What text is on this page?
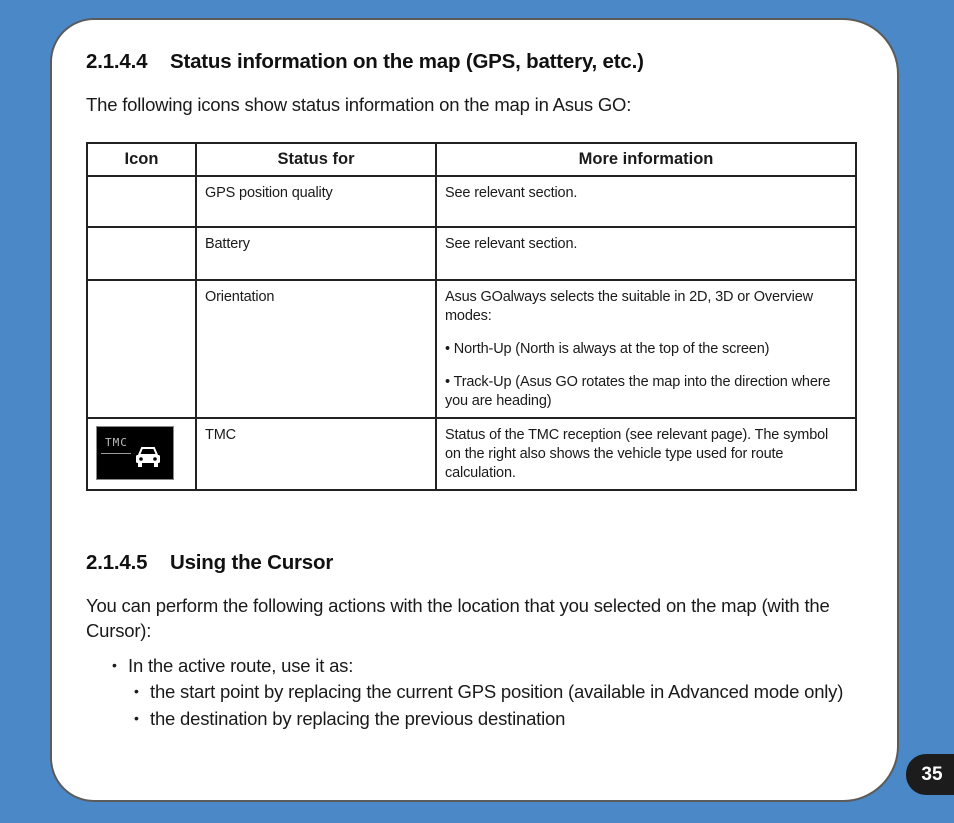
2.1.4.4 Status information on the map (GPS, battery, etc.)

The following icons show status information on the map in Asus GO:

Icon	Status for	More information
	GPS position quality	See relevant section.
	Battery	See relevant section.
	Orientation	Asus GOalways selects the suitable in 2D, 3D or Overview modes:
• North-Up (North is always at the top of the screen)
• Track-Up (Asus GO rotates the map into the direction where you are heading)

TMC	TMC	Status of the TMC reception (see relevant page). The symbol on the right also shows the vehicle type used for route calculation.
2.1.4.5 Using the Cursor

You can perform the following actions with the location that you selected on the map (with the Cursor):

• In the active route, use it as:
• the start point by replacing the current GPS position (available in Advanced mode only)
• the destination by replacing the previous destination
35
